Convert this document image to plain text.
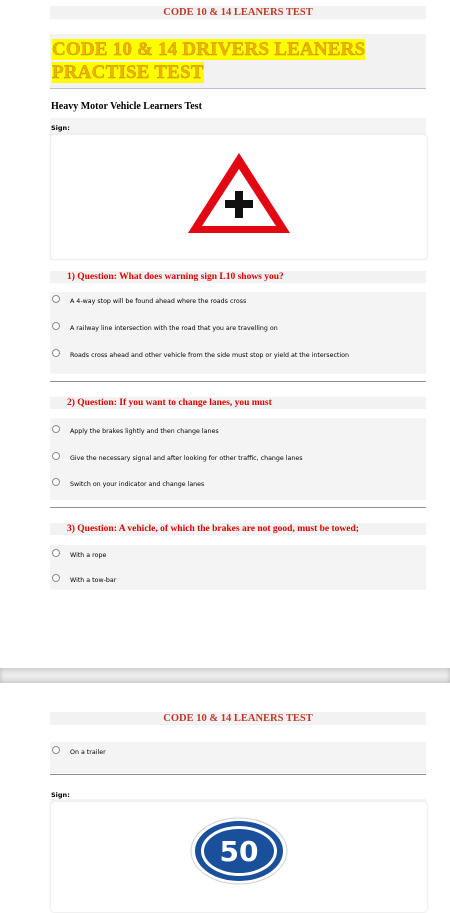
CODE 10 & 14 LEANERS TEST
CODE 10 & 14 DRIVERS LEANERS
PRACTISE TEST
Heavy Motor Vehicle Learners Test
Sign:
1) Question: What does warning sign L10 shows you?
A 4-way stop will be found ahead where the roads cross
A railway line intersection with the road that you are travelling on
Roads cross ahead and other vehicle from the side must stop or yield at the intersection
2) Question: If you want to change lanes, you must
Apply the brakes lightly and then change lanes
Give the necessary signal and after looking for other traffic, change lanes
Switch on your indicator and change lanes
3) Question: A vehicle, of which the brakes are not good, must be towed;
With a rope
With a tow-bar
CODE 10 & 14 LEANERS TEST
On a trailer
Sign:
50
